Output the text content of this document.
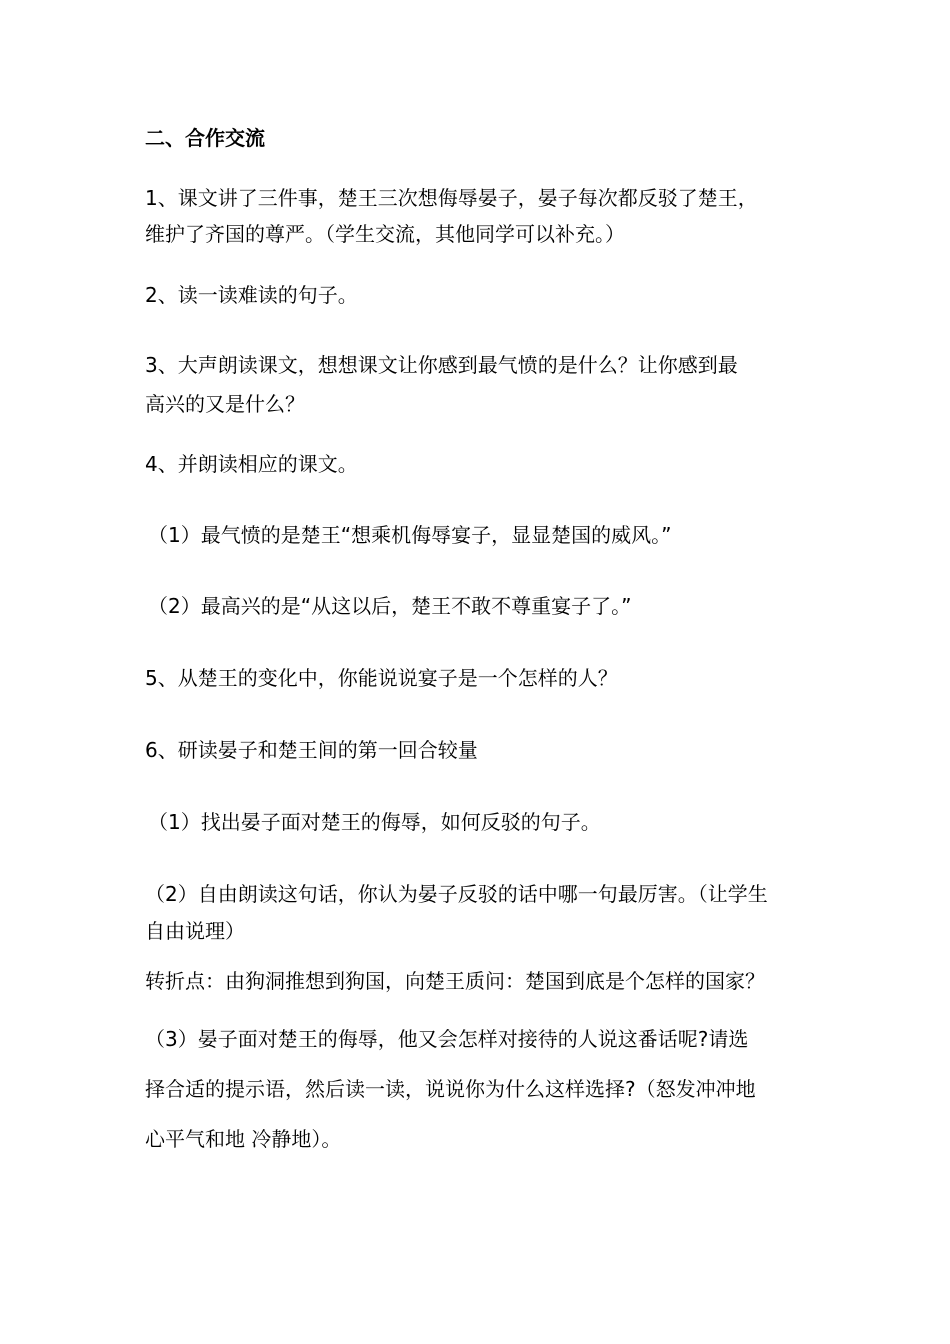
二、合作交流
1、课文讲了三件事，楚王三次想侮辱晏子，晏子每次都反驳了楚王，
维护了齐国的尊严。（学生交流，其他同学可以补充。）
2、读一读难读的句子。
3、大声朗读课文，想想课文让你感到最气愤的是什么？让你感到最
高兴的又是什么？
4、并朗读相应的课文。
（1）最气愤的是楚王“想乘机侮辱宴子，显显楚国的威风。”
（2）最高兴的是“从这以后，楚王不敢不尊重宴子了。”
5、从楚王的变化中，你能说说宴子是一个怎样的人？
6、研读晏子和楚王间的第一回合较量
（1）找出晏子面对楚王的侮辱，如何反驳的句子。
（2）自由朗读这句话，你认为晏子反驳的话中哪一句最厉害。（让学生
自由说理）
转折点：由狗洞推想到狗国，向楚王质问：楚国到底是个怎样的国家？
（3）晏子面对楚王的侮辱，他又会怎样对接待的人说这番话呢?请选
择合适的提示语，然后读一读，说说你为什么这样选择?（怒发冲冲地
心平气和地 冷静地）。
